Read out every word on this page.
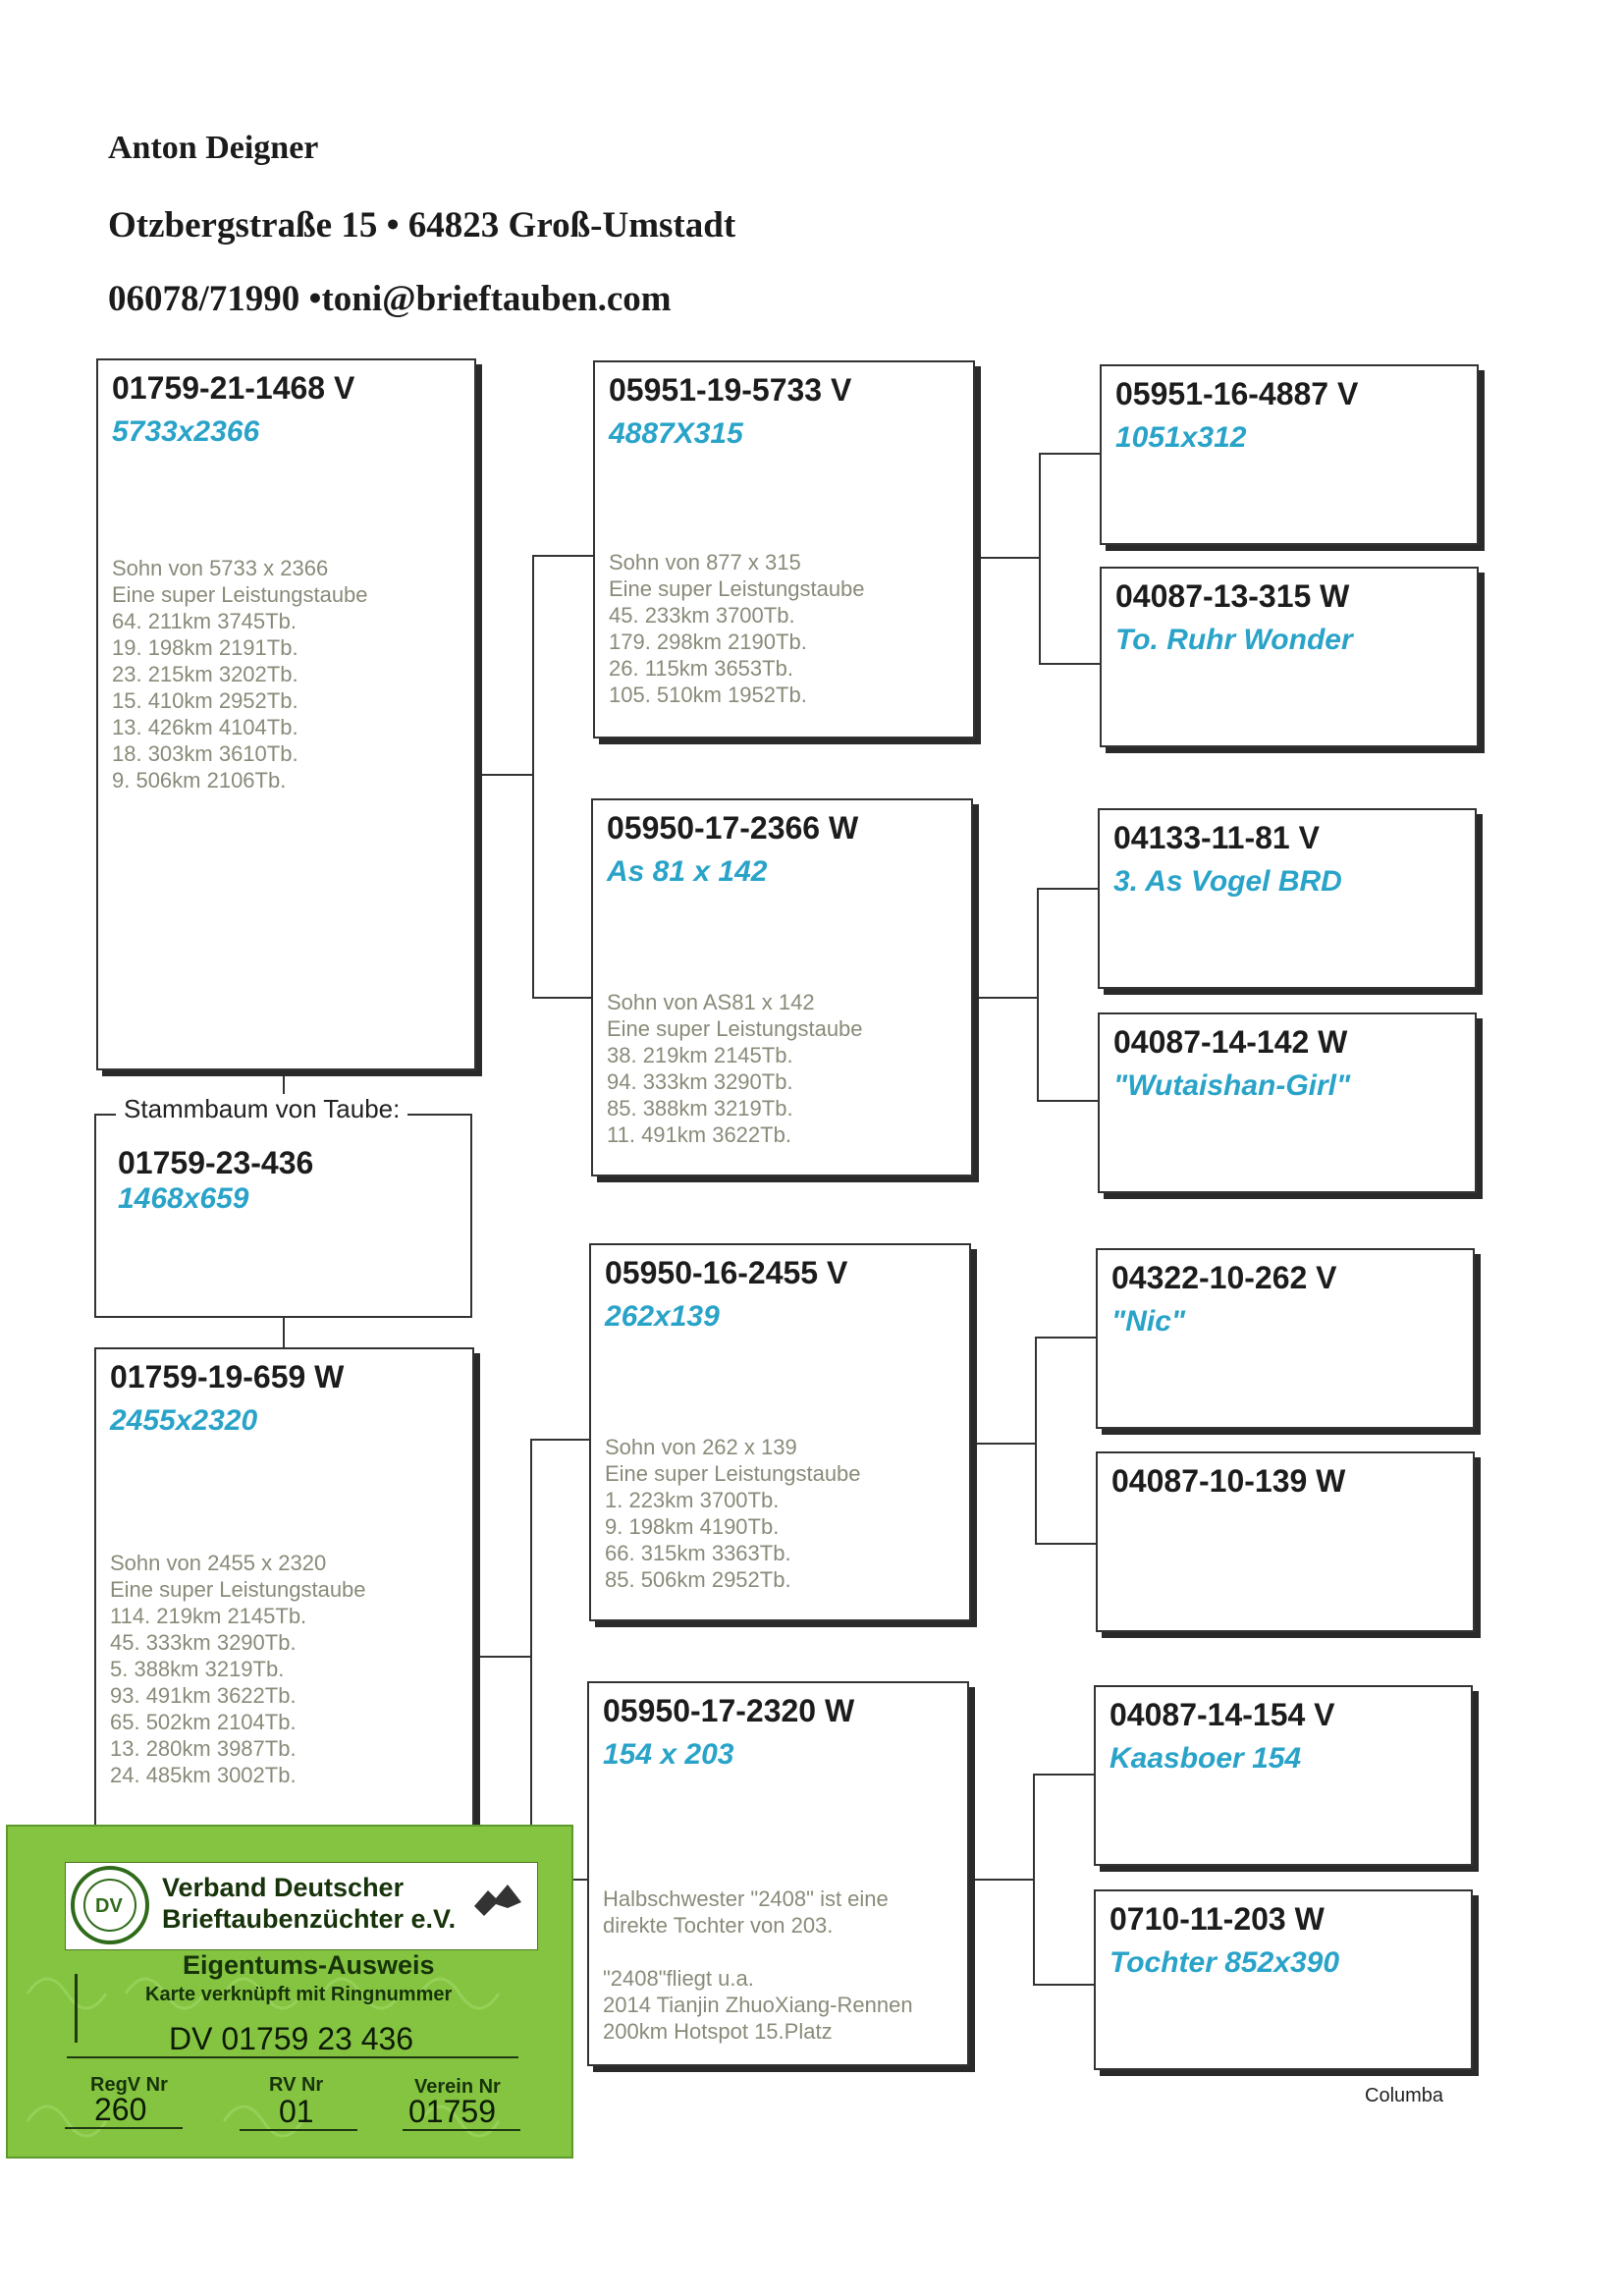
Anton Deigner
Otzbergstraße 15 • 64823 Groß-Umstadt
06078/71990 •toni@brieftauben.com
Stammbaum von Taube:
01759-23-436
1468x659
01759-21-1468 V
5733x2366
Sohn von 5733 x 2366
Eine super Leistungstaube
64. 211km 3745Tb.
19. 198km 2191Tb.
23. 215km 3202Tb.
15. 410km 2952Tb.
13. 426km 4104Tb.
18. 303km 3610Tb.
9. 506km 2106Tb.
01759-19-659 W
2455x2320
Sohn von 2455 x 2320
Eine super Leistungstaube
114. 219km 2145Tb.
45. 333km 3290Tb.
5. 388km 3219Tb.
93. 491km 3622Tb.
65. 502km 2104Tb.
13. 280km 3987Tb.
24. 485km 3002Tb.
05951-19-5733 V
4887X315
Sohn von 877 x 315
Eine super Leistungstaube
45. 233km 3700Tb.
179. 298km 2190Tb.
26. 115km 3653Tb.
105. 510km 1952Tb.
05950-17-2366 W
As 81 x 142
Sohn von AS81 x 142
Eine super Leistungstaube
38. 219km 2145Tb.
94. 333km 3290Tb.
85. 388km 3219Tb.
11. 491km 3622Tb.
05950-16-2455 V
262x139
Sohn von 262 x 139
Eine super Leistungstaube
1. 223km 3700Tb.
9. 198km 4190Tb.
66. 315km 3363Tb.
85. 506km 2952Tb.
05950-17-2320 W
154 x 203
Halbschwester "2408" ist eine
direkte Tochter von 203.

"2408"fliegt u.a.
2014 Tianjin ZhuoXiang-Rennen
200km Hotspot 15.Platz
05951-16-4887 V
1051x312
04087-13-315 W
To. Ruhr Wonder
04133-11-81 V
3. As Vogel BRD
04087-14-142 W
"Wutaishan-Girl"
04322-10-262 V
"Nic"
04087-10-139 W
04087-14-154 V
Kaasboer 154
0710-11-203 W
Tochter 852x390
Columba
DV
Verband Deutscher
Brieftaubenzüchter e.V.
Eigentums-Ausweis
Karte verknüpft mit Ringnummer
DV 01759 23 436
RegV Nr	RV Nr	Verein Nr
260	01	01759
